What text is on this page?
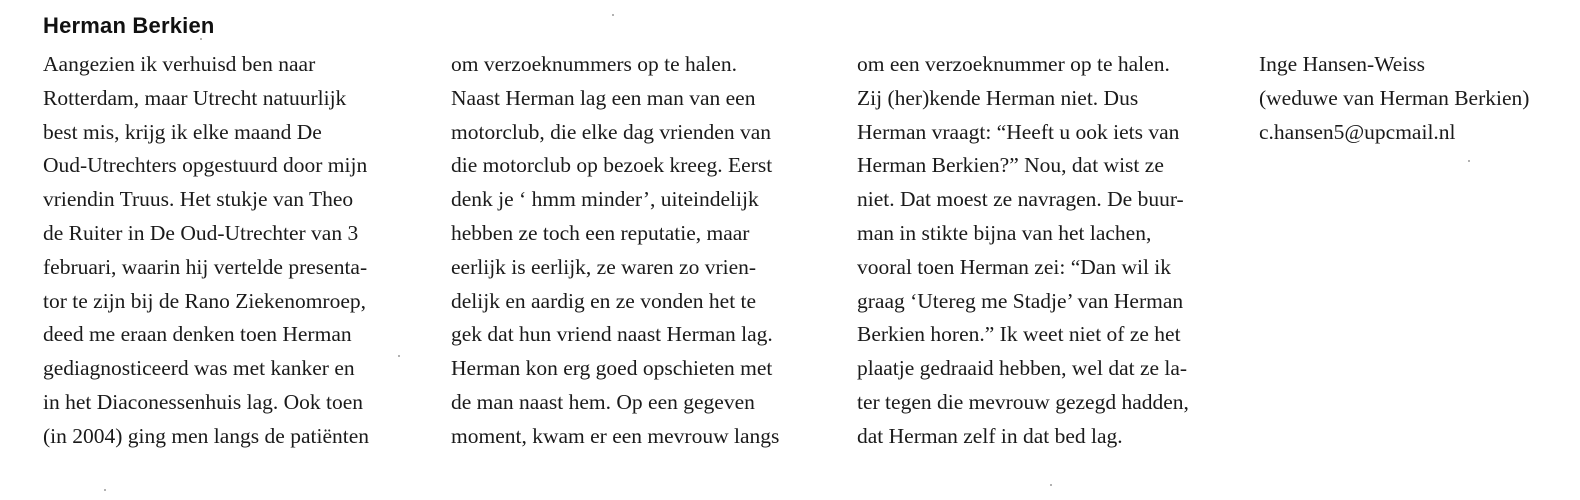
Herman Berkien
Aangezien ik verhuisd ben naar
Rotterdam, maar Utrecht natuurlijk
best mis, krijg ik elke maand De
Oud-Utrechters opgestuurd door mijn
vriendin Truus. Het stukje van Theo
de Ruiter in De Oud-Utrechter van 3
februari, waarin hij vertelde presenta-
tor te zijn bij de Rano Ziekenomroep,
deed me eraan denken toen Herman
gediagnosticeerd was met kanker en
in het Diaconessenhuis lag. Ook toen
(in 2004) ging men langs de patiënten
om verzoeknummers op te halen.
Naast Herman lag een man van een
motorclub, die elke dag vrienden van
die motorclub op bezoek kreeg. Eerst
denk je ‘ hmm minder’, uiteindelijk
hebben ze toch een reputatie, maar
eerlijk is eerlijk, ze waren zo vrien-
delijk en aardig en ze vonden het te
gek dat hun vriend naast Herman lag.
Herman kon erg goed opschieten met
de man naast hem. Op een gegeven
moment, kwam er een mevrouw langs
om een verzoeknummer op te halen.
Zij (her)kende Herman niet. Dus
Herman vraagt: “Heeft u ook iets van
Herman Berkien?” Nou, dat wist ze
niet. Dat moest ze navragen. De buur-
man in stikte bijna van het lachen,
vooral toen Herman zei: “Dan wil ik
graag ‘Utereg me Stadje’ van Herman
Berkien horen.” Ik weet niet of ze het
plaatje gedraaid hebben, wel dat ze la-
ter tegen die mevrouw gezegd hadden,
dat Herman zelf in dat bed lag.
Inge Hansen-Weiss
(weduwe van Herman Berkien)
c.hansen5@upcmail.nl
